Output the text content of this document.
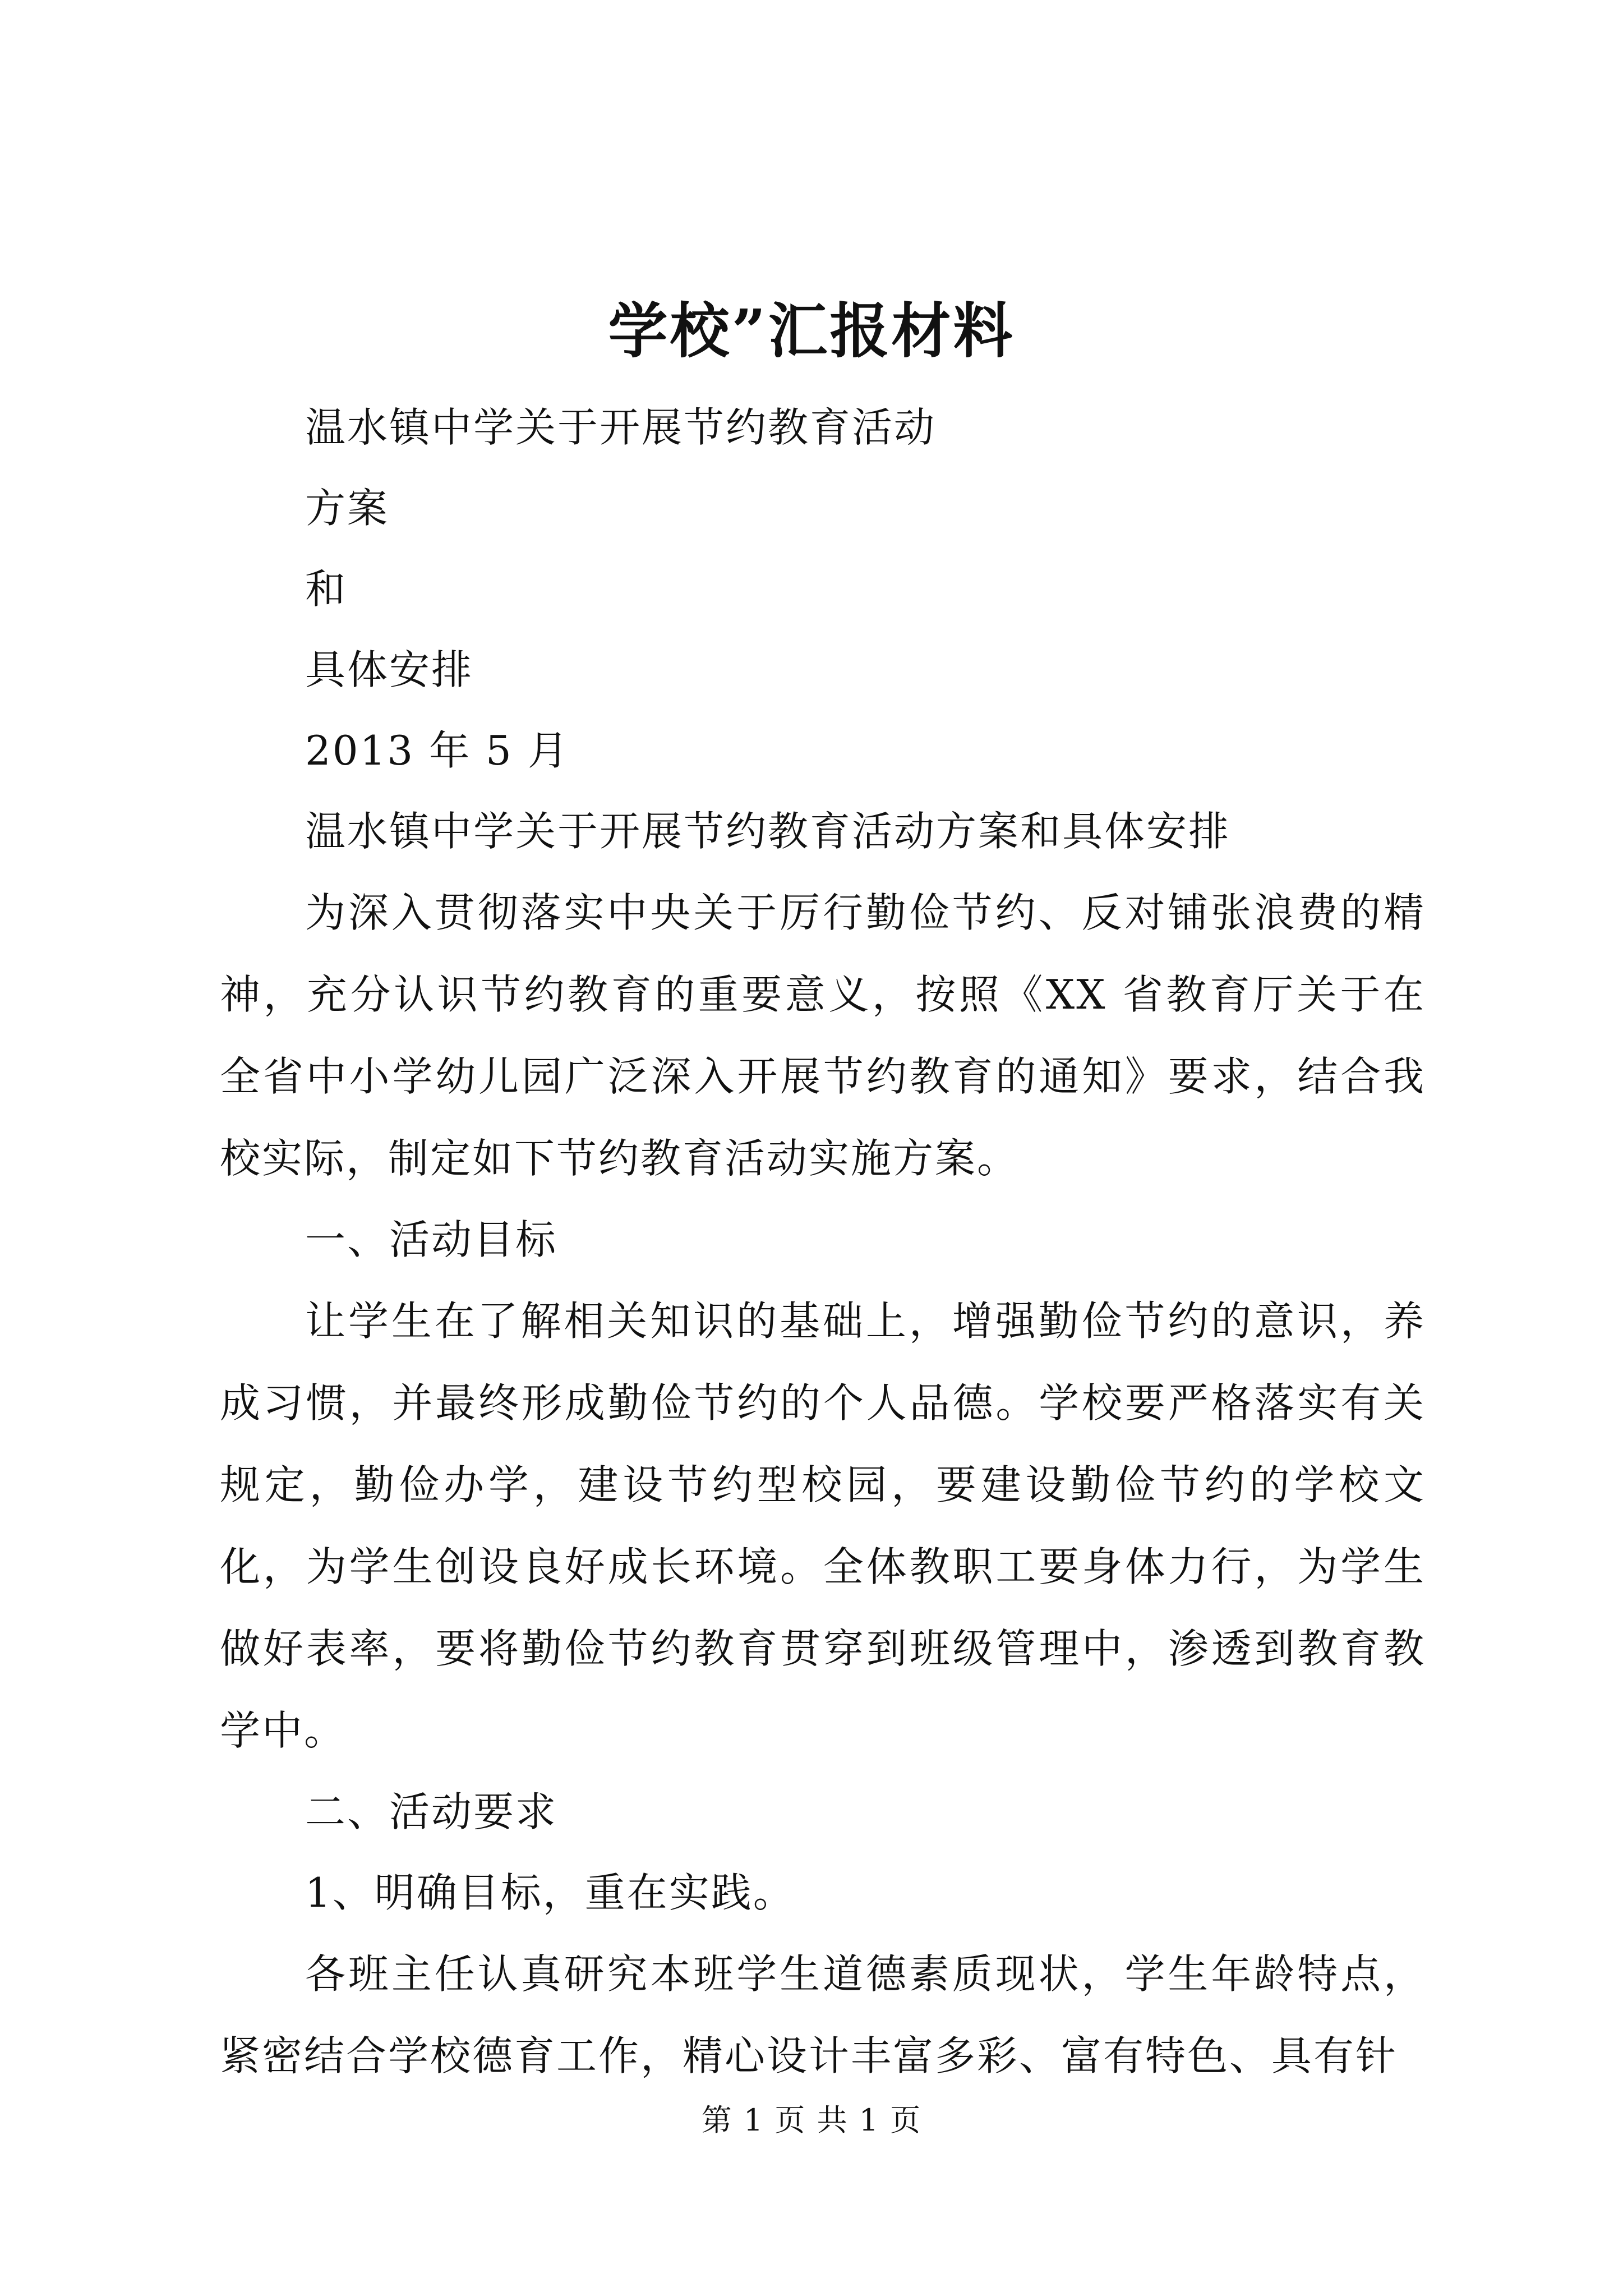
学校”汇报材料
温水镇中学关于开展节约教育活动
方案
和
具体安排
2013 年 5 月
温水镇中学关于开展节约教育活动方案和具体安排

为深入贯彻落实中央关于厉行勤俭节约、反对铺张浪费的精神，充分认识节约教育的重要意义，按照《XX 省教育厅关于在全省中小学幼儿园广泛深入开展节约教育的通知》要求，结合我校实际，制定如下节约教育活动实施方案。

一、活动目标

让学生在了解相关知识的基础上，增强勤俭节约的意识，养成习惯，并最终形成勤俭节约的个人品德。学校要严格落实有关规定，勤俭办学，建设节约型校园，要建设勤俭节约的学校文化，为学生创设良好成长环境。全体教职工要身体力行，为学生做好表率，要将勤俭节约教育贯穿到班级管理中，渗透到教育教学中。

二、活动要求
1、明确目标，重在实践。

各班主任认真研究本班学生道德素质现状，学生年龄特点，紧密结合学校德育工作，精心设计丰富多彩、富有特色、具有针

第 1 页 共 1 页
